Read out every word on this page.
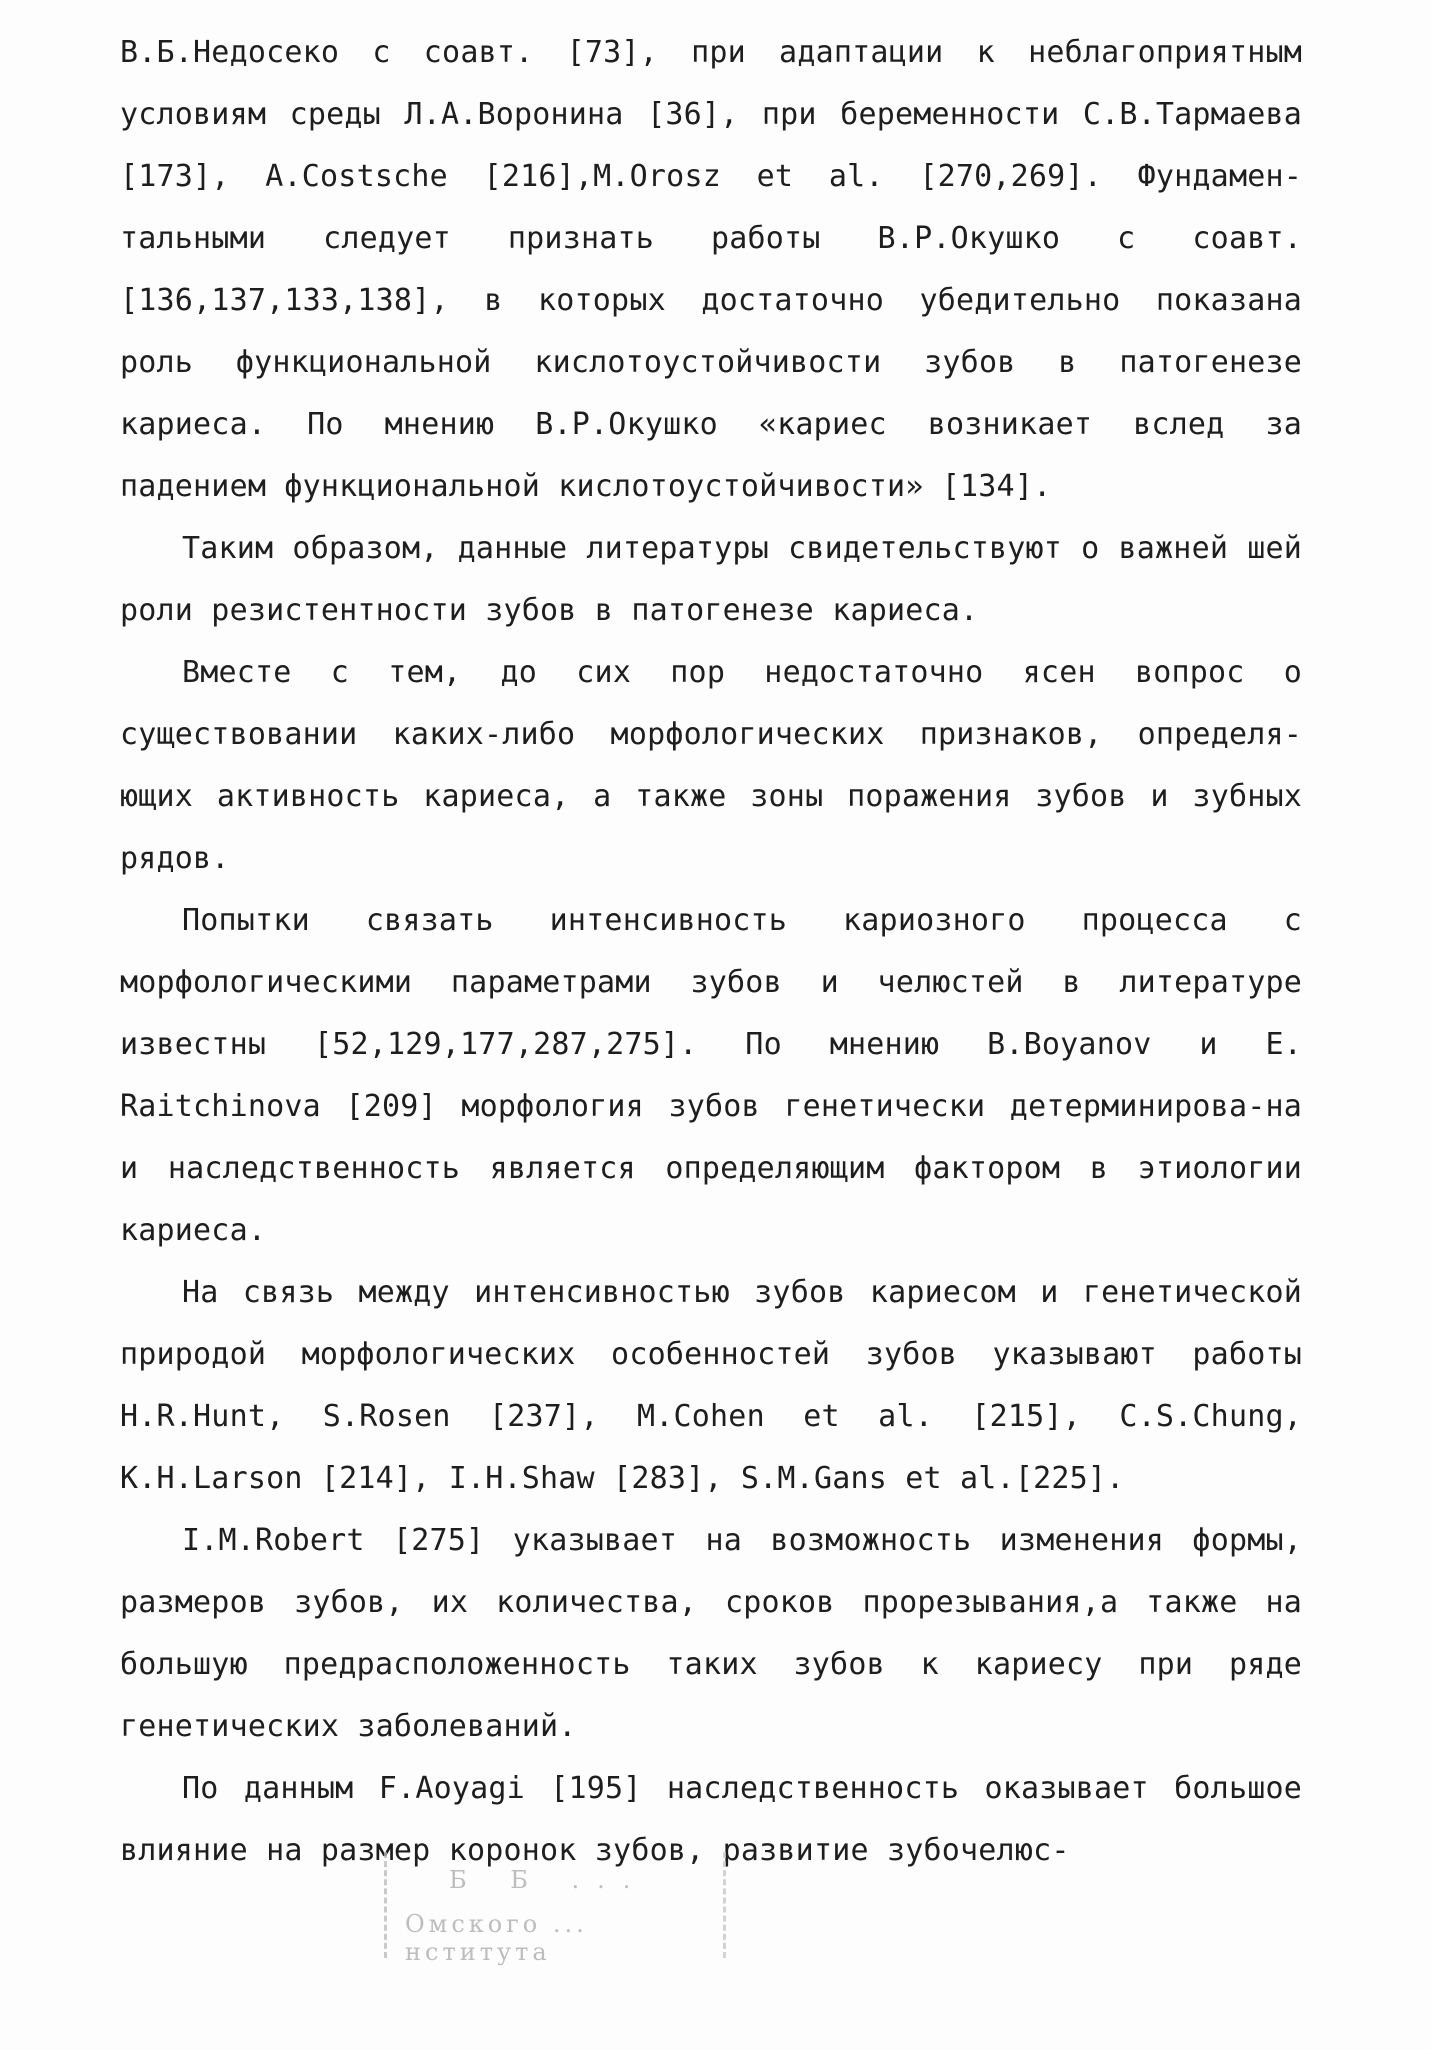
В.Б.Недосеко с соавт. [73], при адаптации к неблагоприятным условиям среды Л.А.Воронина [36], при беременности С.В.Тармаева [173], A.Costsche [216],M.Orosz et al. [270,269]. Фундамен-тальными следует признать работы В.Р.Окушко с соавт. [136,137,133,138], в которых достаточно убедительно показана роль функциональной кислотоустойчивости зубов в патогенезе кариеса. По мнению В.Р.Окушко «кариес возникает вслед за падением функциональной кислотоустойчивости» [134].

Таким образом, данные литературы свидетельствуют о важней шей роли резистентности зубов в патогенезе кариеса.

Вместе с тем, до сих пор недостаточно ясен вопрос о существовании каких-либо морфологических признаков, определя-ющих активность кариеса, а также зоны поражения зубов и зубных рядов.

Попытки связать интенсивность кариозного процесса с морфологическими параметрами зубов и челюстей в литературе известны [52,129,177,287,275]. По мнению B.Boyanov и E. Raitchinova [209] морфология зубов генетически детерминирова-на и наследственность является определяющим фактором в этиологии кариеса.

На связь между интенсивностью зубов кариесом и генетической природой морфологических особенностей зубов указывают работы H.R.Hunt, S.Rosen [237], M.Cohen et al. [215], C.S.Chung, K.H.Larson [214], I.H.Shaw [283], S.M.Gans et al.[225].

I.M.Robert [275] указывает на возможность изменения формы, размеров зубов, их количества, сроков прорезывания,а также на большую предрасположенность таких зубов к кариесу при ряде генетических заболеваний.

По данным F.Aoyagi [195] наследственность оказывает большое влияние на размер коронок зубов, развитие зубочелюс-

Б Б ...
Омского ... нститута
